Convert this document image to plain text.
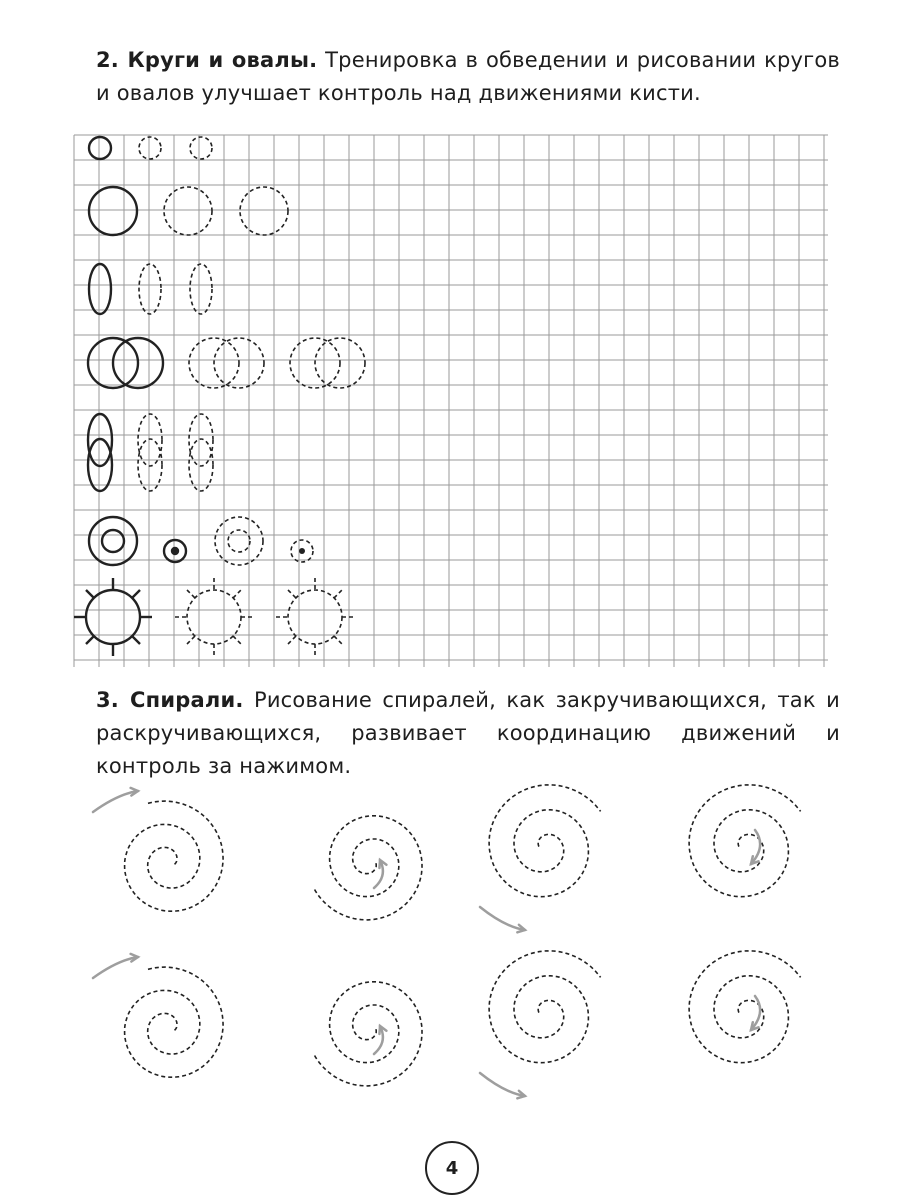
2. Круги и овалы. Тренировка в обведении и рисовании кругов и овалов улучшает контроль над движениями кисти.
3. Спирали. Рисование спиралей, как закручивающихся, так и раскручивающихся, развивает координацию движений и контроль за нажимом.
4
